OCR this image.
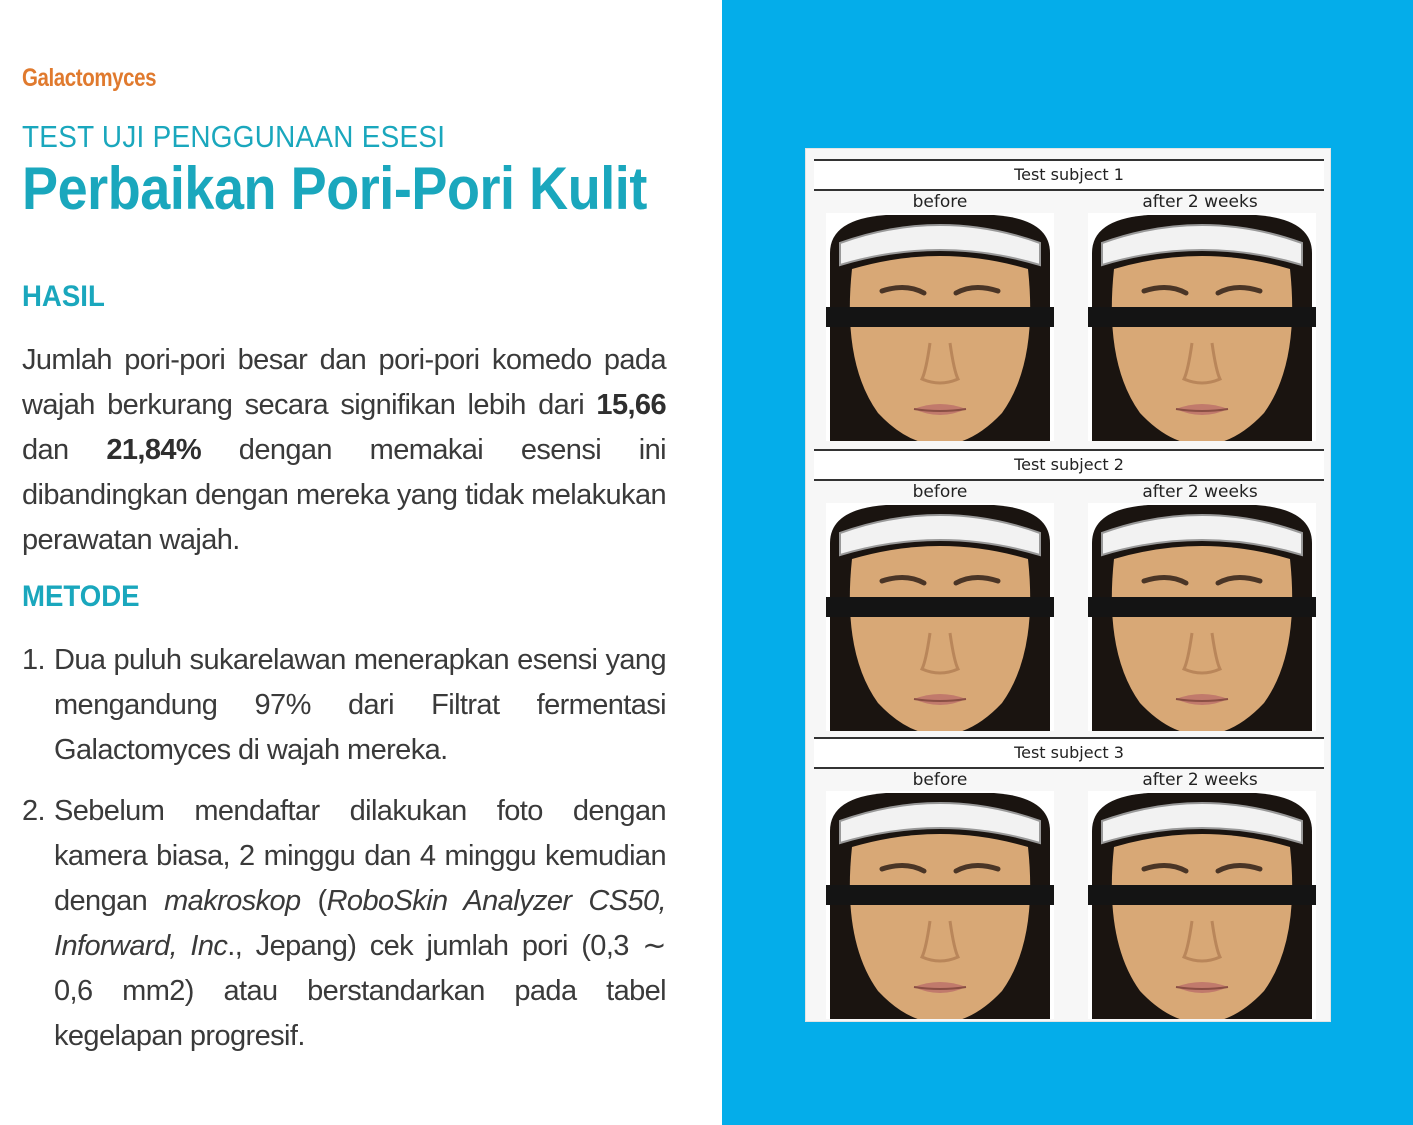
Galactomyces
TEST UJI PENGGUNAAN ESESI
Perbaikan Pori-Pori Kulit
HASIL
Jumlah pori-pori besar dan pori-pori komedo pada wajah berkurang secara signifikan lebih dari 15,66 dan 21,84% dengan memakai esensi ini dibandingkan dengan mereka yang tidak melakukan perawatan wajah.
METODE
1. Dua puluh sukarelawan menerapkan esensi yang mengandung 97% dari Filtrat fermentasi Galactomyces di wajah mereka.
2. Sebelum mendaftar dilakukan foto dengan kamera biasa, 2 minggu dan 4 minggu kemudian dengan makroskop (RoboSkin Analyzer CS50, Inforward, Inc., Jepang) cek jumlah pori (0,3 ∼ 0,6 mm2) atau berstandarkan pada tabel kegelapan progresif.
Test subject 1
before	after 2 weeks
Test subject 2
before	after 2 weeks
Test subject 3
before	after 2 weeks
